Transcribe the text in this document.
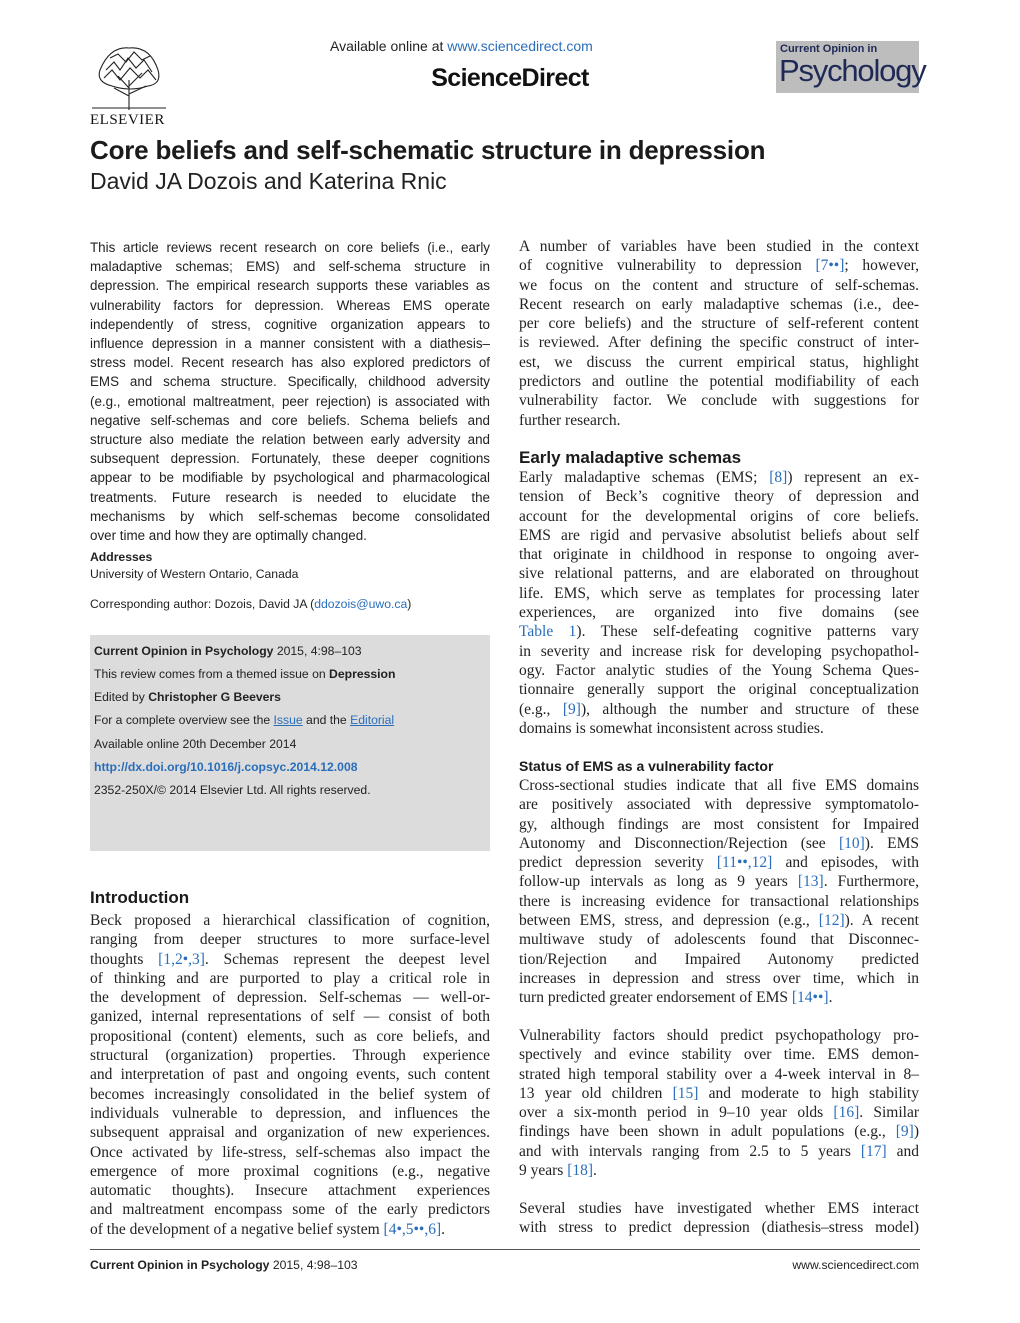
ELSEVIER
Available online at www.sciencedirect.com
ScienceDirect
Current Opinion in
Psychology
Core beliefs and self-schematic structure in depression
David JA Dozois and Katerina Rnic
This article reviews recent research on core beliefs (i.e., early
maladaptive schemas; EMS) and self-schema structure in
depression. The empirical research supports these variables as
vulnerability factors for depression. Whereas EMS operate
independently of stress, cognitive organization appears to
influence depression in a manner consistent with a diathesis–
stress model. Recent research has also explored predictors of
EMS and schema structure. Specifically, childhood adversity
(e.g., emotional maltreatment, peer rejection) is associated with
negative self-schemas and core beliefs. Schema beliefs and
structure also mediate the relation between early adversity and
subsequent depression. Fortunately, these deeper cognitions
appear to be modifiable by psychological and pharmacological
treatments. Future research is needed to elucidate the
mechanisms by which self-schemas become consolidated
over time and how they are optimally changed.
Addresses
University of Western Ontario, Canada
Corresponding author: Dozois, David JA (ddozois@uwo.ca)
Current Opinion in Psychology 2015, 4:98–103
This review comes from a themed issue on Depression
Edited by Christopher G Beevers
For a complete overview see the Issue and the Editorial
Available online 20th December 2014
http://dx.doi.org/10.1016/j.copsyc.2014.12.008
2352-250X/© 2014 Elsevier Ltd. All rights reserved.
Introduction
Beck proposed a hierarchical classification of cognition,
ranging from deeper structures to more surface-level
thoughts [1,2•,3]. Schemas represent the deepest level
of thinking and are purported to play a critical role in
the development of depression. Self-schemas — well-or-
ganized, internal representations of self — consist of both
propositional (content) elements, such as core beliefs, and
structural (organization) properties. Through experience
and interpretation of past and ongoing events, such content
becomes increasingly consolidated in the belief system of
individuals vulnerable to depression, and influences the
subsequent appraisal and organization of new experiences.
Once activated by life-stress, self-schemas also impact the
emergence of more proximal cognitions (e.g., negative
automatic thoughts). Insecure attachment experiences
and maltreatment encompass some of the early predictors
of the development of a negative belief system [4•,5••,6].
A number of variables have been studied in the context
of cognitive vulnerability to depression [7••]; however,
we focus on the content and structure of self-schemas.
Recent research on early maladaptive schemas (i.e., dee-
per core beliefs) and the structure of self-referent content
is reviewed. After defining the specific construct of inter-
est, we discuss the current empirical status, highlight
predictors and outline the potential modifiability of each
vulnerability factor. We conclude with suggestions for
further research.
Early maladaptive schemas
Early maladaptive schemas (EMS; [8]) represent an ex-
tension of Beck’s cognitive theory of depression and
account for the developmental origins of core beliefs.
EMS are rigid and pervasive absolutist beliefs about self
that originate in childhood in response to ongoing aver-
sive relational patterns, and are elaborated on throughout
life. EMS, which serve as templates for processing later
experiences, are organized into five domains (see
Table 1). These self-defeating cognitive patterns vary
in severity and increase risk for developing psychopathol-
ogy. Factor analytic studies of the Young Schema Ques-
tionnaire generally support the original conceptualization
(e.g., [9]), although the number and structure of these
domains is somewhat inconsistent across studies.
Status of EMS as a vulnerability factor
Cross-sectional studies indicate that all five EMS domains
are positively associated with depressive symptomatolo-
gy, although findings are most consistent for Impaired
Autonomy and Disconnection/Rejection (see [10]). EMS
predict depression severity [11••,12] and episodes, with
follow-up intervals as long as 9 years [13]. Furthermore,
there is increasing evidence for transactional relationships
between EMS, stress, and depression (e.g., [12]). A recent
multiwave study of adolescents found that Disconnec-
tion/Rejection and Impaired Autonomy predicted
increases in depression and stress over time, which in
turn predicted greater endorsement of EMS [14••].
Vulnerability factors should predict psychopathology pro-
spectively and evince stability over time. EMS demon-
strated high temporal stability over a 4-week interval in 8–
13 year old children [15] and moderate to high stability
over a six-month period in 9–10 year olds [16]. Similar
findings have been shown in adult populations (e.g., [9])
and with intervals ranging from 2.5 to 5 years [17] and
9 years [18].
Several studies have investigated whether EMS interact
with stress to predict depression (diathesis–stress model)
Current Opinion in Psychology 2015, 4:98–103	www.sciencedirect.com
